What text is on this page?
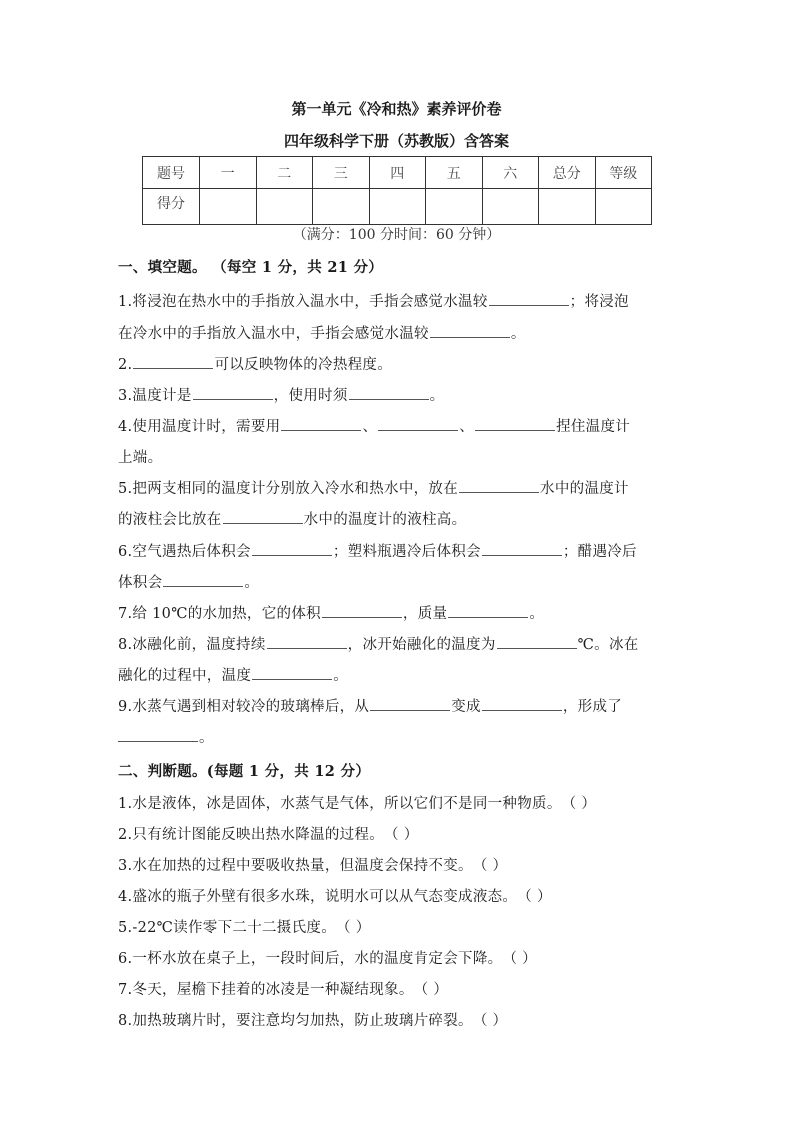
第一单元《冷和热》素养评价卷
四年级科学下册（苏教版）含答案
题号	一	二	三	四	五	六	总分	等级
得分								
（满分：100 分时间：60 分钟）
一、填空题。 （每空 1 分，共 21 分）
1.将浸泡在热水中的手指放入温水中，手指会感觉水温较	；将浸泡
在冷水中的手指放入温水中，手指会感觉水温较	。
2.	可以反映物体的冷热程度。
3.温度计是	，使用时须	。
4.使用温度计时，需要用	、	、	捏住温度计
上端。
5.把两支相同的温度计分别放入冷水和热水中，放在	水中的温度计
的液柱会比放在	水中的温度计的液柱高。
6.空气遇热后体积会	；塑料瓶遇冷后体积会	；醋遇冷后
体积会	。
7.给 10℃的水加热，它的体积	，质量	。
8.冰融化前，温度持续	，冰开始融化的温度为	℃。冰在
融化的过程中，温度	。
9.水蒸气遇到相对较冷的玻璃棒后，从	变成	，形成了
。
二、判断题。(每题 1 分，共 12 分）
1.水是液体，冰是固体，水蒸气是气体，所以它们不是同一种物质。（ ）
2.只有统计图能反映出热水降温的过程。（ ）
3.水在加热的过程中要吸收热量，但温度会保持不变。（ ）
4.盛冰的瓶子外壁有很多水珠，说明水可以从气态变成液态。（ ）
5.-22℃读作零下二十二摄氏度。（ ）
6.一杯水放在桌子上，一段时间后，水的温度肯定会下降。（ ）
7.冬天，屋檐下挂着的冰凌是一种凝结现象。（ ）
8.加热玻璃片时，要注意均匀加热，防止玻璃片碎裂。（ ）
